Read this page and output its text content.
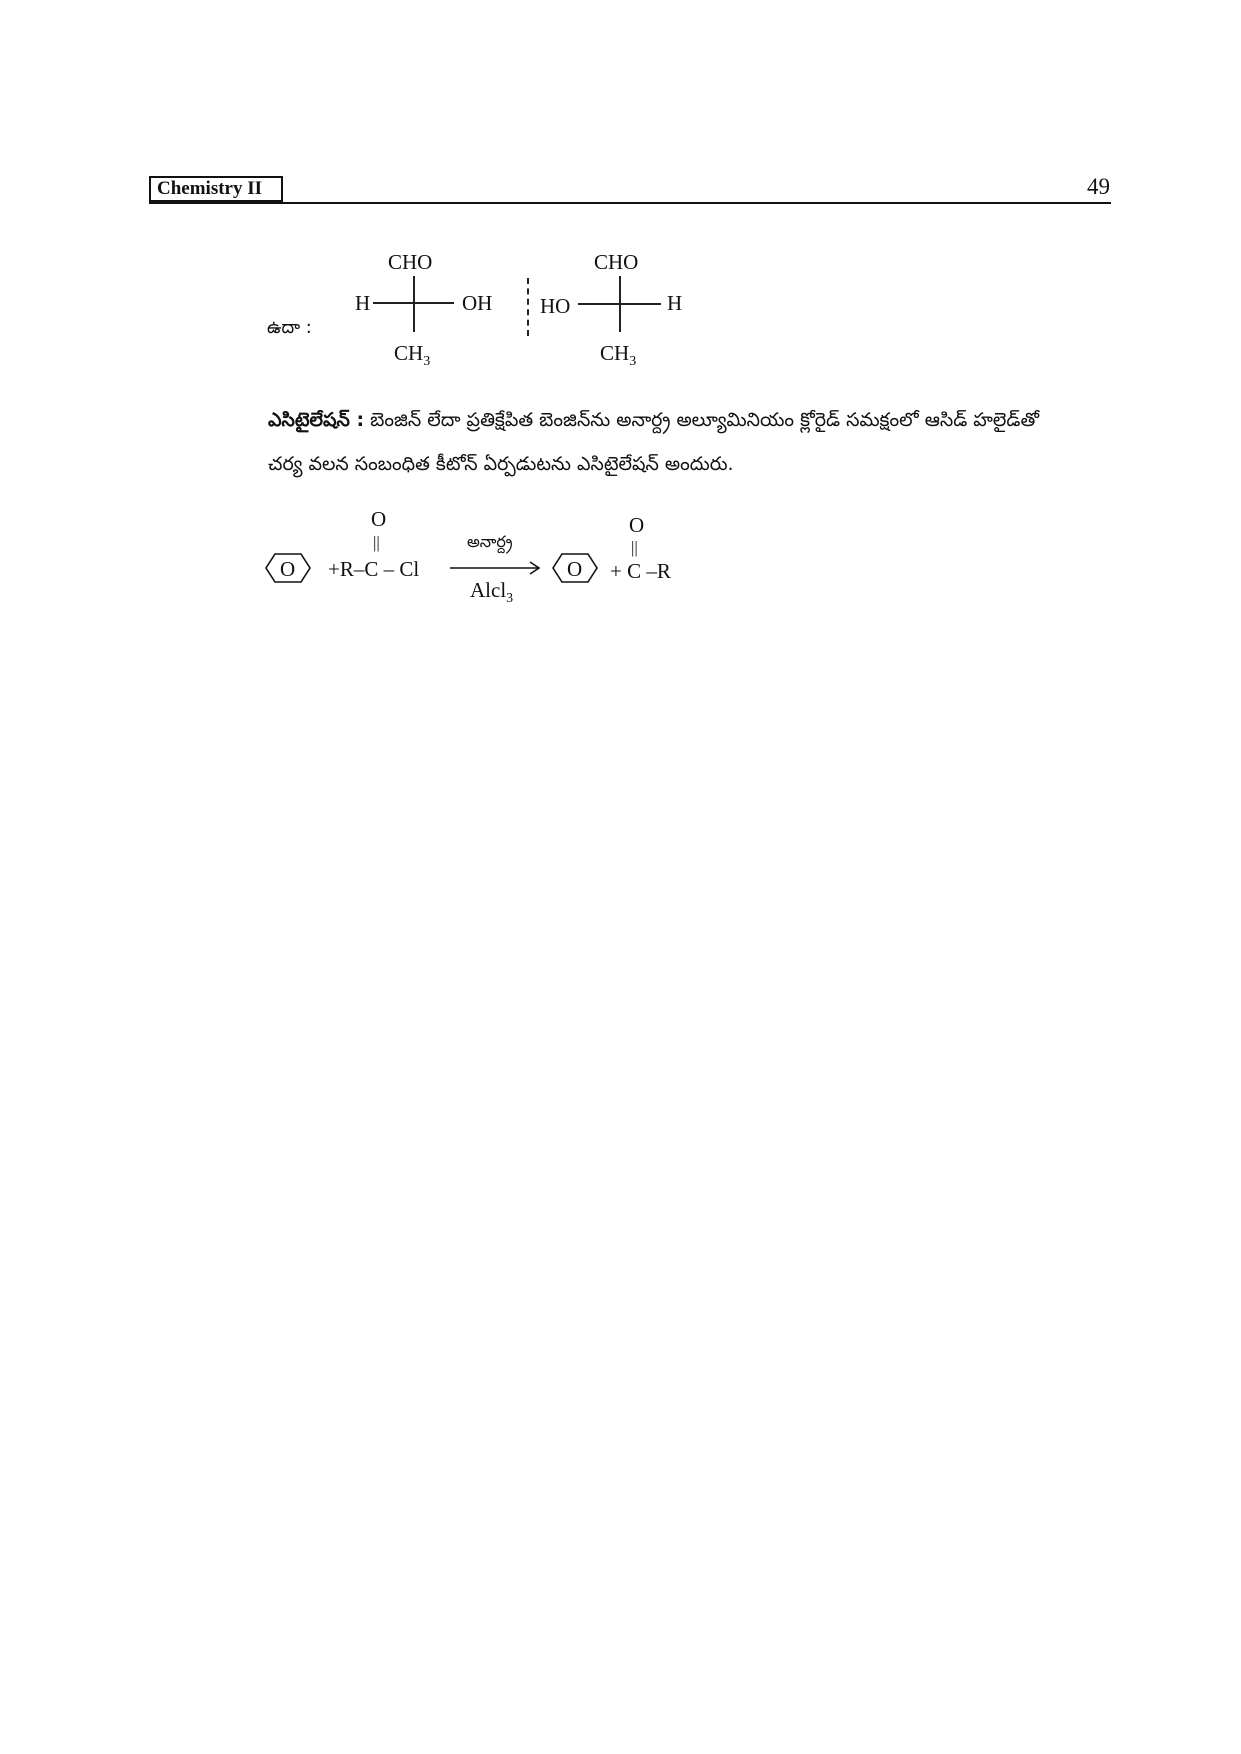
Chemistry II	49
ఉదా :
CHO
H	OH
$CH_3$
CHO
HO	H
$CH_3$
ఎసిటైలేషన్ : బెంజిన్ లేదా ప్రతిక్షేపిత బెంజిన్‌ను అనార్ద్ర అల్యూమినియం క్లోరైడ్ సమక్షంలో ఆసిడ్ హలైడ్‌తో
చర్య వలన సంబంధిత కీటోన్ ఏర్పడుటను ఎసిటైలేషన్ అందురు.
O
O
||
+R–C – Cl
అనార్ద్ర
Alcl$_3$
O
O
||
+ C –R
